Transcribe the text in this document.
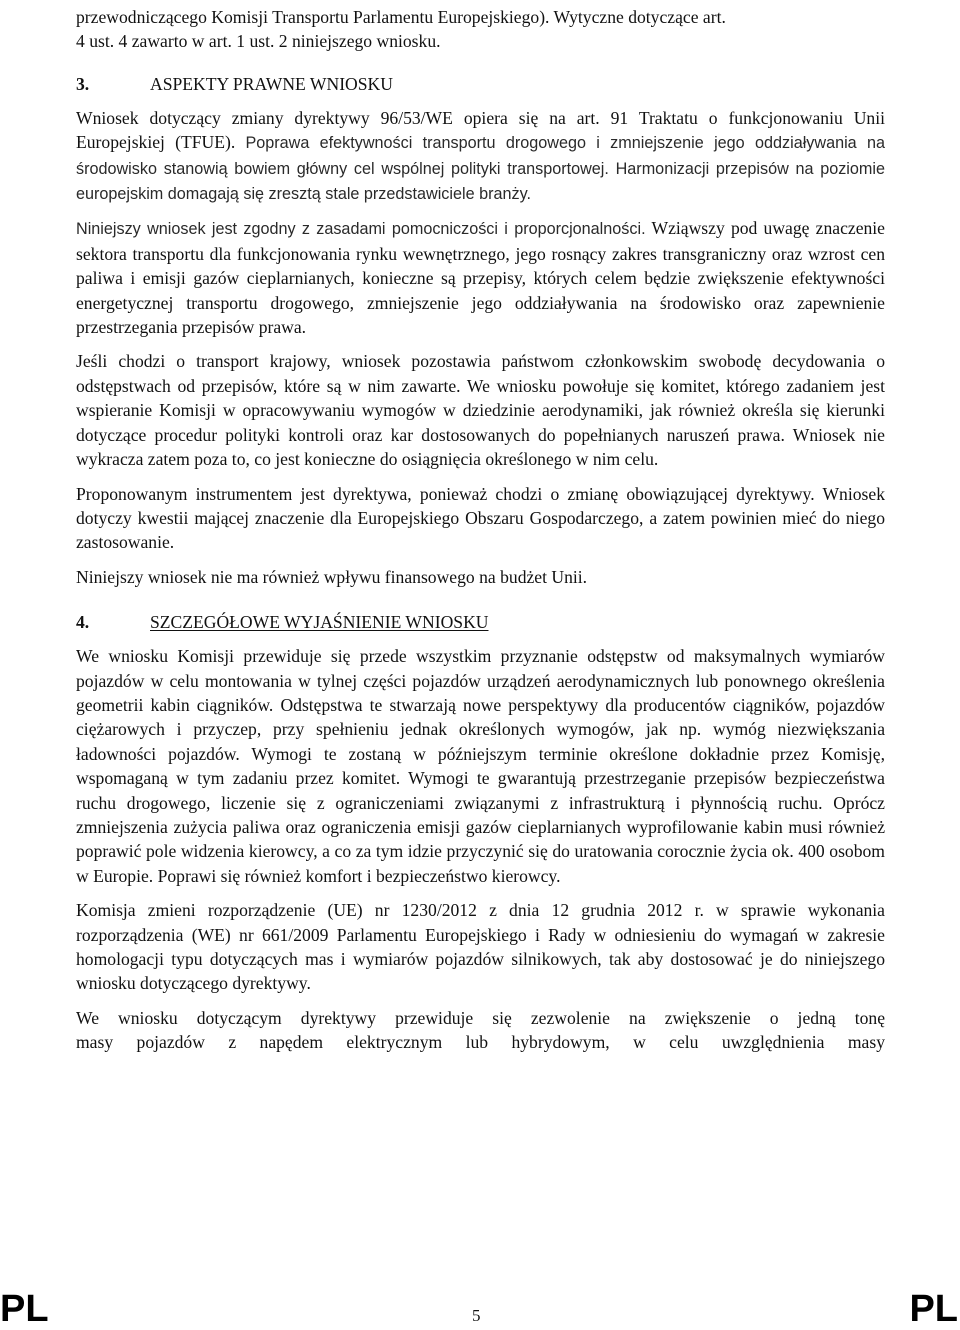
przewodniczącego Komisji Transportu Parlamentu Europejskiego). Wytyczne dotyczące art.
4 ust. 4 zawarto w art. 1 ust. 2 niniejszego wniosku.

3.	ASPEKTY PRAWNE WNIOSKU

Wniosek dotyczący zmiany dyrektywy 96/53/WE opiera się na art. 91 Traktatu o funkcjonowaniu Unii Europejskiej (TFUE). Poprawa efektywności transportu drogowego i zmniejszenie jego oddziaływania na środowisko stanowią bowiem główny cel wspólnej polityki transportowej. Harmonizacji przepisów na poziomie europejskim domagają się zresztą stale przedstawiciele branży.

Niniejszy wniosek jest zgodny z zasadami pomocniczości i proporcjonalności. Wziąwszy pod uwagę znaczenie sektora transportu dla funkcjonowania rynku wewnętrznego, jego rosnący zakres transgraniczny oraz wzrost cen paliwa i emisji gazów cieplarnianych, konieczne są przepisy, których celem będzie zwiększenie efektywności energetycznej transportu drogowego, zmniejszenie jego oddziaływania na środowisko oraz zapewnienie przestrzegania przepisów prawa.

Jeśli chodzi o transport krajowy, wniosek pozostawia państwom członkowskim swobodę decydowania o odstępstwach od przepisów, które są w nim zawarte. We wniosku powołuje się komitet, którego zadaniem jest wspieranie Komisji w opracowywaniu wymogów w dziedzinie aerodynamiki, jak również określa się kierunki dotyczące procedur polityki kontroli oraz kar dostosowanych do popełnianych naruszeń prawa. Wniosek nie wykracza zatem poza to, co jest konieczne do osiągnięcia określonego w nim celu.

Proponowanym instrumentem jest dyrektywa, ponieważ chodzi o zmianę obowiązującej dyrektywy. Wniosek dotyczy kwestii mającej znaczenie dla Europejskiego Obszaru Gospodarczego, a zatem powinien mieć do niego zastosowanie.

Niniejszy wniosek nie ma również wpływu finansowego na budżet Unii.

4.	SZCZEGÓŁOWE WYJAŚNIENIE WNIOSKU

We wniosku Komisji przewiduje się przede wszystkim przyznanie odstępstw od maksymalnych wymiarów pojazdów w celu montowania w tylnej części pojazdów urządzeń aerodynamicznych lub ponownego określenia geometrii kabin ciągników. Odstępstwa te stwarzają nowe perspektywy dla producentów ciągników, pojazdów ciężarowych i przyczep, przy spełnieniu jednak określonych wymogów, jak np. wymóg niezwiększania ładowności pojazdów. Wymogi te zostaną w późniejszym terminie określone dokładnie przez Komisję, wspomaganą w tym zadaniu przez komitet. Wymogi te gwarantują przestrzeganie przepisów bezpieczeństwa ruchu drogowego, liczenie się z ograniczeniami związanymi z infrastrukturą i płynnością ruchu. Oprócz zmniejszenia zużycia paliwa oraz ograniczenia emisji gazów cieplarnianych wyprofilowanie kabin musi również poprawić pole widzenia kierowcy, a co za tym idzie przyczynić się do uratowania corocznie życia ok. 400 osobom w Europie. Poprawi się również komfort i bezpieczeństwo kierowcy.

Komisja zmieni rozporządzenie (UE) nr 1230/2012 z dnia 12 grudnia 2012 r. w sprawie wykonania rozporządzenia (WE) nr 661/2009 Parlamentu Europejskiego i Rady w odniesieniu do wymagań w zakresie homologacji typu dotyczących mas i wymiarów pojazdów silnikowych, tak aby dostosować je do niniejszego wniosku dotyczącego dyrektywy.

We wniosku dotyczącym dyrektywy przewiduje się zezwolenie na zwiększenie o jedną tonę
masy pojazdów z napędem elektrycznym lub hybrydowym, w celu uwzględnienia masy

PL	5	PL
